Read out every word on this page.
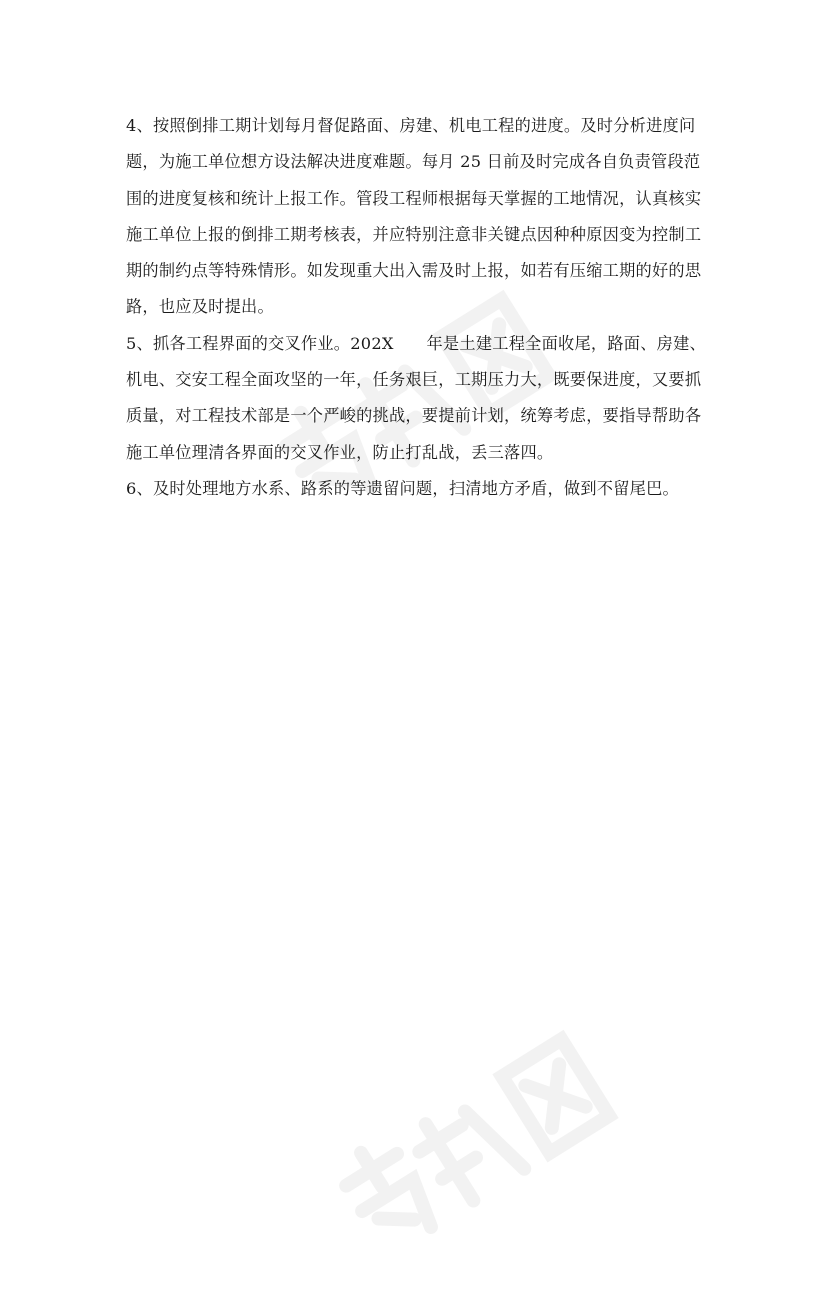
4、按照倒排工期计划每月督促路面、房建、机电工程的进度。及时分析进度问
题，为施工单位想方设法解决进度难题。每月 25 日前及时完成各自负责管段范
围的进度复核和统计上报工作。管段工程师根据每天掌握的工地情况，认真核实
施工单位上报的倒排工期考核表，并应特别注意非关键点因种种原因变为控制工
期的制约点等特殊情形。如发现重大出入需及时上报，如若有压缩工期的好的思
路，也应及时提出。
5、抓各工程界面的交叉作业。202X　　年是土建工程全面收尾，路面、房建、
机电、交安工程全面攻坚的一年，任务艰巨，工期压力大，既要保进度，又要抓
质量，对工程技术部是一个严峻的挑战，要提前计划，统筹考虑，要指导帮助各
施工单位理清各界面的交叉作业，防止打乱战，丢三落四。
6、及时处理地方水系、路系的等遗留问题，扫清地方矛盾，做到不留尾巴。
